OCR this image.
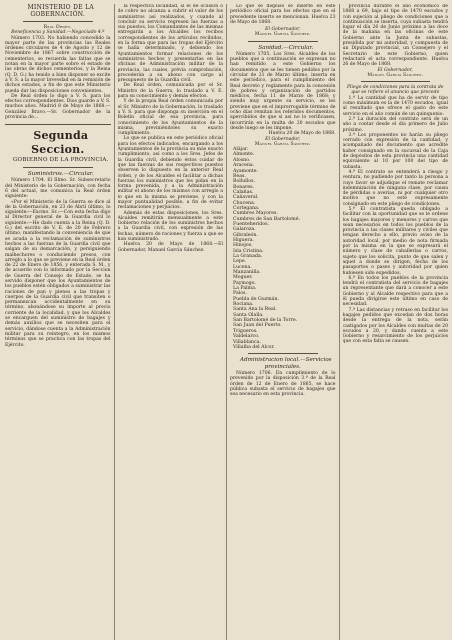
MINISTERIO DE LA GOBERNACIÓN.

Real Orden.

Beneficencia y Sanidad.—Negociado 4.º

Número 1703. No habiendo concedido la mayor parte de las provincias las Reales órdenes circulares de 4 de Agosto y 12 de Noviembre de 1867 sobre construcción de cementerios, se recuerda las faltas que se notan en la mayor parte sobre el estado de las obras de dichos cementerios, y la Reina (Q. D. G.) ha tenido a bien disponer se excite a V. S. a la mayor brevedad en la remisión de dichos estados, a fin de que este Ministerio pueda dar las disposiciones convenientes.

De Real órden lo digo a V. S. para los efectos correspondientes. Dios guarde a V. S. muchos años. Madrid 8 de Mayo de 1868.—González Bravo.—Sr. Gobernador de la provincia de...

Segunda Seccion.

GOBIERNO DE LA PROVINCIA.

Suministros.—Circular.

Número 1704. El Illmo. Sr. Subsecretario del Ministerio de la Gobernación, con fecha 6 del actual, me comunica la Real órden siguiente:

«Por el Ministerio de la Guerra se dice al de la Gobernación, en 23 de Abril último, lo siguiente:—Excmo. Sr.:—Con esta fecha digo al Director general de la Guardia civil lo siguiente:—He dado cuenta a la Reina (Q. D. G.) del escrito de V. E. de 20 de Febrero último, manifestando la conveniencia de que se acuda a la reclamación de suministros hechos a las fuerzas de la Guardia civil que salgan de su demarcación, y persiguiendo malhechores o conduciendo presos, con arreglo a lo que se previene en la Real órden de 22 de Enero de 1856, y enterada S. M., y de acuerdo con lo informado por la Seccion de Guerra del Consejo de Estado, se ha servido disponer que los Ayuntamientos de los pueblos estén obligados a suministrar las raciones de pan y pienso a las tropas y cuerpos de la Guardia civil que transiten o permanezcan accidentalmente en su término, abonándose su importe al precio corriente de la localidad, y que los Alcaldes se encarguen del suministro de bagajes y demás auxilios que se necesiten para el servicio, dándose cuenta a la Administración militar para su reintegro, en los mismos términos que se practica con las tropas del Ejército.

la respectiva localidad, si el de ocasion o de cobro no alcanza a cubrir el valor de los suministros así realizados, y cuando al concluir su servicio regresen las fuerzas a sus puestos, los Comandantes de las mismas entregarán a los Alcaldes los recibos correspondientes de los artículos recibidos, en la forma que para las tropas del Ejército se halla determinado, y debiendo los Ayuntamientos formar relaciones de los suministros hechos y presentarlas en las oficinas de Administración militar de la provincia, las cuales, prévia comprobación, procederán a su abono con cargo al presupuesto de la Guardia civil.

De Real órden, comunicada por el Sr. Ministro de la Guerra, lo traslado a V. E. para su conocimiento y demás efectos.

Y de la propia Real órden comunicada por el Sr. Ministro de la Gobernación, lo traslado a V. S. para que disponga su inserción en el Boletín oficial de esa provincia, para conocimiento de los Ayuntamientos de la misma, previniéndoles su exacto cumplimiento.

Lo que se publica en este periódico oficial para los efectos indicados, encargando a los Ayuntamientos de la provincia su más exacto cumplimiento, así como a los Sres. Jefes de la Guardia civil, debiendo éstos cuidar de que las fuerzas de sus respectivos puestos observen lo dispuesto en la anterior Real órden, y de los Alcaldes el facilitar a dichas fuerzas los suministros que les pidan en la forma prevenida, y a la Administración militar el abono de los mismos con arreglo a lo que en la misma se previene, y con la mayor puntualidad posible, a fin de evitar reclamaciones y perjuicios.

Además de estas disposiciones, los Sres. Alcaldes remitirán mensualmente a este Gobierno relación de los suministros hechos a la Guardia civil, con expresión de las fechas, número de raciones y fuerza a que se han suministrado.

Huelva 20 de Mayo de 1868.—El Gobernador, Manuel García Sánchez.

Lo que se dispuso se inserte en este periódico oficial para los efectos que en el precedente inserto se mencionan. Huelva 23 de Mayo de 1868.

El Gobernador,

Manuel García Sánchez.

Sanidad.—Circular.

Número 1705. Los Sres. Alcaldes de los pueblos que a continuación se expresan no han remitido a este Gobierno los documentos que se les tienen pedidos por la circular de 21 de Marzo último, inserta en este periódico, para el cumplimiento del Real decreto y reglamento para la concesión de pobres y organización de partidos médicos, fecha 11 de Marzo de 1868; y siendo muy urgente su servicio, se les previene que en el improrrogable término de ocho días remitan los referidos documentos, apercibidos de que si así no lo verificasen, incurrirán en la multa de 20 escudos que desde luego se les impone.

Huelva 20 de Mayo de 1868.

El Gobernador,

Manuel García Sánchez.

Alájar.
Almonte.
Alosno.
Aracena.
Ayamonte.
Beas.
Bollullos.
Bonares.
Calañas.
Cañaveral.
Chucena.
Cortegana.
Cumbres Mayores.
Cumbres de San Bartolomé.
Fuenteheridos.
Galaroza.
Gibraleón.
Higuera.
Hinojos.
Isla Cristina.
La Granada.
Lepe.
Lucena.
Manzanilla.
Moguer.
Paymogo.
La Palma.
Palos.
Puebla de Guzmán.
Rociana.
Santa Ana la Real.
Santa Olalla.
San Bartolomé de la Torre.
San Juan del Puerto.
Trigueros.
Valdelarco.
Villablanca.
Villalba del Alcor.

Administracion local.—Servicios provinciales.

Número 1706. En cumplimiento de lo prevenido por la disposición 3.ª de la Real órden de 12 de Enero de 1865, se hace pública subasta el servicio de bagajes que sea necesario en esta provincia.

provincia durante el año económico de 1868 a 69, bajo el tipo de 1470 escudos y con sujeción al pliego de condiciones que a continuación se inserta, cuya subasta tendrá lugar el día 26 de Junio próximo a las doce de la mañana en las oficinas de este Gobierno ante la Junta de subastas, presidida por mi autoridad, y compuesta de un Diputado provincial, un Consejero y el Secretario de este Gobierno, quien redactará el acta correspondiente. Huelva 26 de Mayo de 1868.

El Gobernador,

Manuel García Sánchez.

Pliego de condiciones para la contrata de que se refiere el anuncio que precede

1.ª La cantidad que ha de servir de tipo como máximum es la de 1470 escudos, igual al resultado que ofrece el gasto de este servicio en el año común de un quinquenio.

2.ª La duración del contrato será de un año a contar desde el día primero de Julio próximo.

3.ª Los proponentes no harán su pliego cerrado con expresión de la cantidad, y acompañado del documento que acredite haber consignado en la sucursal de la Caja de depósitos de esta provincia una cantidad equivalente al 10 por 100 del tipo de subasta.

4.ª El contrato se entenderá a riesgo y ventura, no pudiendo por tanto la persona a cuyo favor se adjudique el remate reclamar indemnización de ninguna clase, por causa de pérdidas o averías, ni por cualquier otro motivo que no esté expresamente consignado en este pliego de condiciones.

5.ª El contratista queda obligado a facilitar con la oportunidad que se le ordene los bagajes mayores y menores y carros que sean necesarios en todos los pueblos de la provincia a las clases militares y civiles que tengan derecho a ello, previo aviso de la autoridad local, por medio de nota firmada por la misma en la que se expresará el número y clase de caballerías o carros, sujeto que los solicita, punto de que salen y aquel a donde se dirigen, fecha de los pasaportes o pases y autoridad por quien hubiesen sido expedidos.

6.ª En todos los pueblos de la provincia tendrá el contratista del servicio de bagajes un representante que dará a conocer a este Gobierno y al Alcalde respectivo para que a él pueda dirigirse este último en caso de necesidad.

7.ª Las distancias y retraso en facilitar los bagajes pedidos que excedan de dos horas desde la entrega de la nota, serán castigados por los Alcaldes con multas de 20 escudos a 20, y dando cuenta a este Gobierno y resarcimiento de los perjuicios que con esta falta se causen.
